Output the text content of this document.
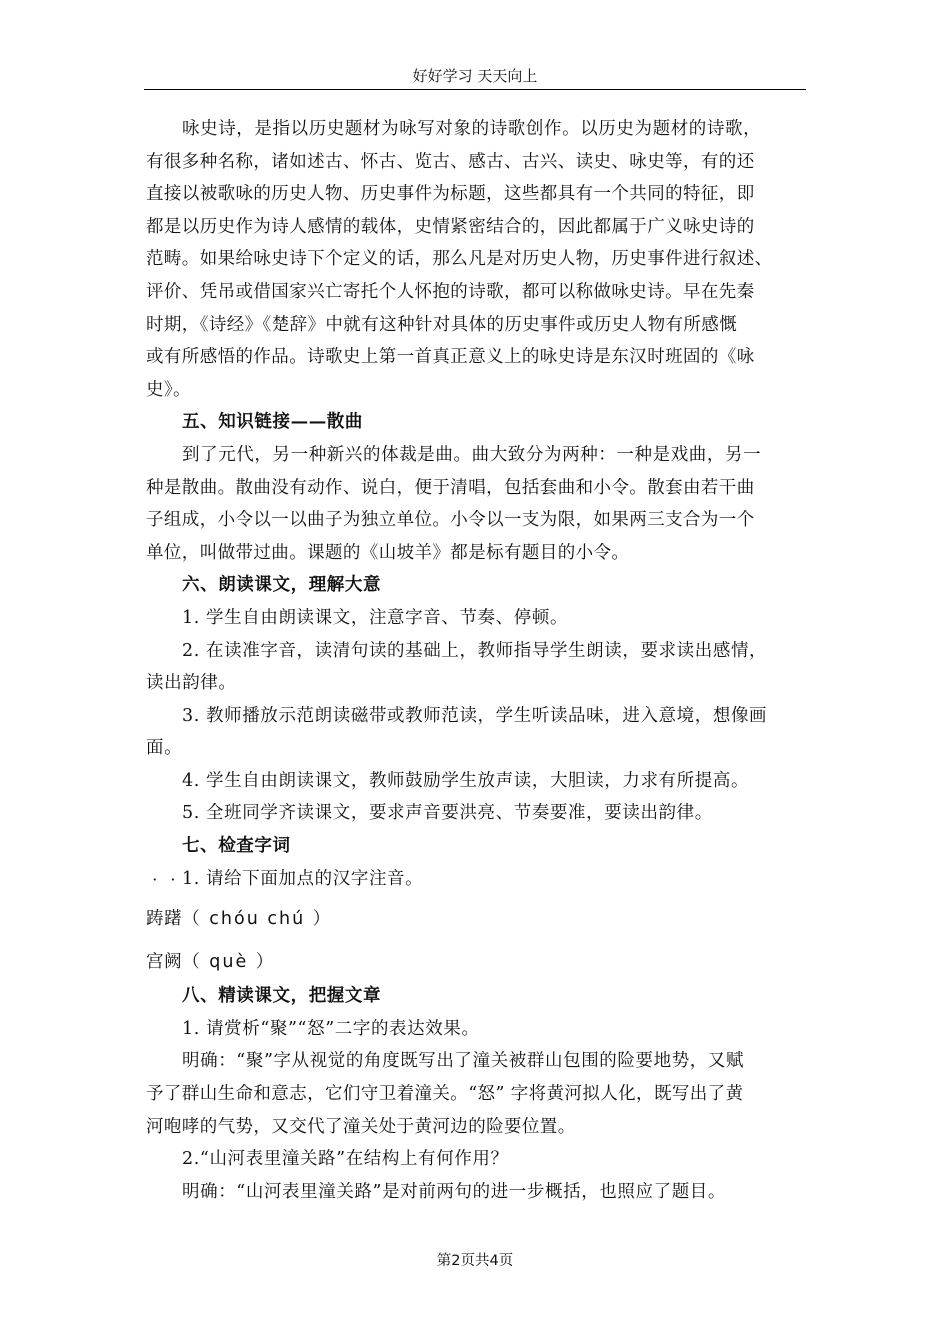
好好学习 天天向上
咏史诗，是指以历史题材为咏写对象的诗歌创作。以历史为题材的诗歌，
有很多种名称，诸如述古、怀古、览古、感古、古兴、读史、咏史等，有的还
直接以被歌咏的历史人物、历史事件为标题，这些都具有一个共同的特征，即
都是以历史作为诗人感情的载体，史情紧密结合的，因此都属于广义咏史诗的
范畴。如果给咏史诗下个定义的话，那么凡是对历史人物，历史事件进行叙述、
评价、凭吊或借国家兴亡寄托个人怀抱的诗歌，都可以称做咏史诗。早在先秦
时期，《诗经》《楚辞》中就有这种针对具体的历史事件或历史人物有所感慨
或有所感悟的作品。诗歌史上第一首真正意义上的咏史诗是东汉时班固的《咏
史》。
五、知识链接——散曲
到了元代，另一种新兴的体裁是曲。曲大致分为两种：一种是戏曲，另一
种是散曲。散曲没有动作、说白，便于清唱，包括套曲和小令。散套由若干曲
子组成，小令以一以曲子为独立单位。小令以一支为限，如果两三支合为一个
单位，叫做带过曲。课题的《山坡羊》都是标有题目的小令。
六、朗读课文，理解大意
1. 学生自由朗读课文，注意字音、节奏、停顿。
2. 在读准字音，读清句读的基础上，教师指导学生朗读，要求读出感情，
读出韵律。
3. 教师播放示范朗读磁带或教师范读，学生听读品味，进入意境，想像画
面。
4. 学生自由朗读课文，教师鼓励学生放声读，大胆读，力求有所提高。
5. 全班同学齐读课文，要求声音要洪亮、节奏要准，要读出韵律。
七、检查字词
1. 请给下面加点的汉字注音。
踌躇（ chóu chú ）
宫阙（ què ）
八、精读课文，把握文章
1. 请赏析“聚”“怒”二字的表达效果。
明确：“聚”字从视觉的角度既写出了潼关被群山包围的险要地势，又赋
予了群山生命和意志，它们守卫着潼关。“怒” 字将黄河拟人化，既写出了黄
河咆哮的气势，又交代了潼关处于黄河边的险要位置。
2.“山河表里潼关路”在结构上有何作用？
明确：“山河表里潼关路”是对前两句的进一步概括，也照应了题目。
第2页共4页
